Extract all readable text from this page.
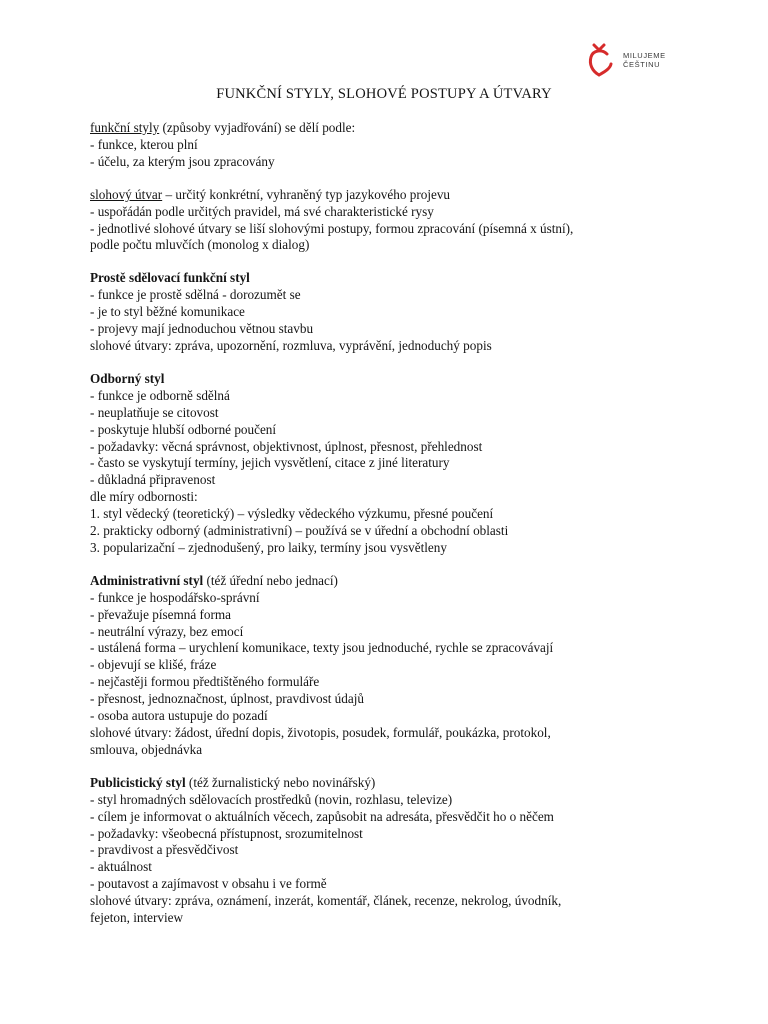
MILUJEME
ČEŠTINU
FUNKČNÍ STYLY, SLOHOVÉ POSTUPY A ÚTVARY
funkční styly (způsoby vyjadřování) se dělí podle:
- funkce, kterou plní
- účelu, za kterým jsou zpracovány
slohový útvar – určitý konkrétní, vyhraněný typ jazykového projevu
- uspořádán podle určitých pravidel, má své charakteristické rysy
- jednotlivé slohové útvary se liší slohovými postupy, formou zpracování (písemná x ústní),
podle počtu mluvčích (monolog x dialog)
Prostě sdělovací funkční styl
- funkce je prostě sdělná - dorozumět se
- je to styl běžné komunikace
- projevy mají jednoduchou větnou stavbu
slohové útvary: zpráva, upozornění, rozmluva, vyprávění, jednoduchý popis
Odborný styl
- funkce je odborně sdělná
- neuplatňuje se citovost
- poskytuje hlubší odborné poučení
- požadavky: věcná správnost, objektivnost, úplnost, přesnost, přehlednost
- často se vyskytují termíny, jejich vysvětlení, citace z jiné literatury
- důkladná připravenost
dle míry odbornosti:
1. styl vědecký (teoretický) – výsledky vědeckého výzkumu, přesné poučení
2. prakticky odborný (administrativní) – používá se v úřední a obchodní oblasti
3. popularizační – zjednodušený, pro laiky, termíny jsou vysvětleny
Administrativní styl (též úřední nebo jednací)
- funkce je hospodářsko-správní
- převažuje písemná forma
- neutrální výrazy, bez emocí
- ustálená forma – urychlení komunikace, texty jsou jednoduché, rychle se zpracovávají
- objevují se klišé, fráze
- nejčastěji formou předtištěného formuláře
- přesnost, jednoznačnost, úplnost, pravdivost údajů
- osoba autora ustupuje do pozadí
slohové útvary: žádost, úřední dopis, životopis, posudek, formulář, poukázka, protokol,
smlouva, objednávka
Publicistický styl (též žurnalistický nebo novinářský)
- styl hromadných sdělovacích prostředků (novin, rozhlasu, televize)
- cílem je informovat o aktuálních věcech, zapůsobit na adresáta, přesvědčit ho o něčem
- požadavky: všeobecná přístupnost, srozumitelnost
- pravdivost a přesvědčivost
- aktuálnost
- poutavost a zajímavost v obsahu i ve formě
slohové útvary: zpráva, oznámení, inzerát, komentář, článek, recenze, nekrolog, úvodník,
fejeton, interview
